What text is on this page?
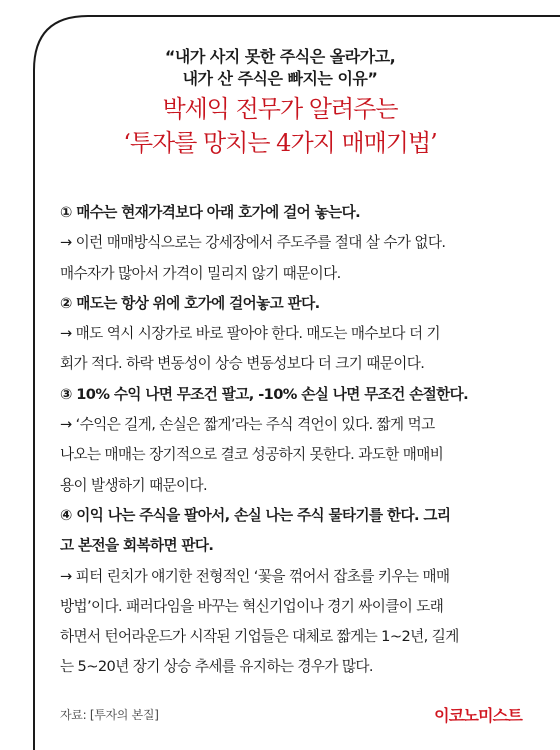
“내가 사지 못한 주식은 올라가고,
내가 산 주식은 빠지는 이유”
박세익 전무가 알려주는
‘투자를 망치는 4가지 매매기법’
① 매수는 현재가격보다 아래 호가에 걸어 놓는다.
→ 이런 매매방식으로는 강세장에서 주도주를 절대 살 수가 없다.
매수자가 많아서 가격이 밀리지 않기 때문이다.
② 매도는 항상 위에 호가에 걸어놓고 판다.
→ 매도 역시 시장가로 바로 팔아야 한다. 매도는 매수보다 더 기
회가 적다. 하락 변동성이 상승 변동성보다 더 크기 때문이다.
③ 10% 수익 나면 무조건 팔고, -10% 손실 나면 무조건 손절한다.
→ ‘수익은 길게, 손실은 짧게’라는 주식 격언이 있다. 짧게 먹고
나오는 매매는 장기적으로 결코 성공하지 못한다. 과도한 매매비
용이 발생하기 때문이다.
④ 이익 나는 주식을 팔아서, 손실 나는 주식 물타기를 한다. 그리
고 본전을 회복하면 판다.
→ 피터 린치가 얘기한 전형적인 ‘꽃을 꺾어서 잡초를 키우는 매매
방법’이다. 패러다임을 바꾸는 혁신기업이나 경기 싸이클이 도래
하면서 턴어라운드가 시작된 기업들은 대체로 짧게는 1~2년, 길게
는 5~20년 장기 상승 추세를 유지하는 경우가 많다.
자료: [투자의 본질]	이코노미스트
